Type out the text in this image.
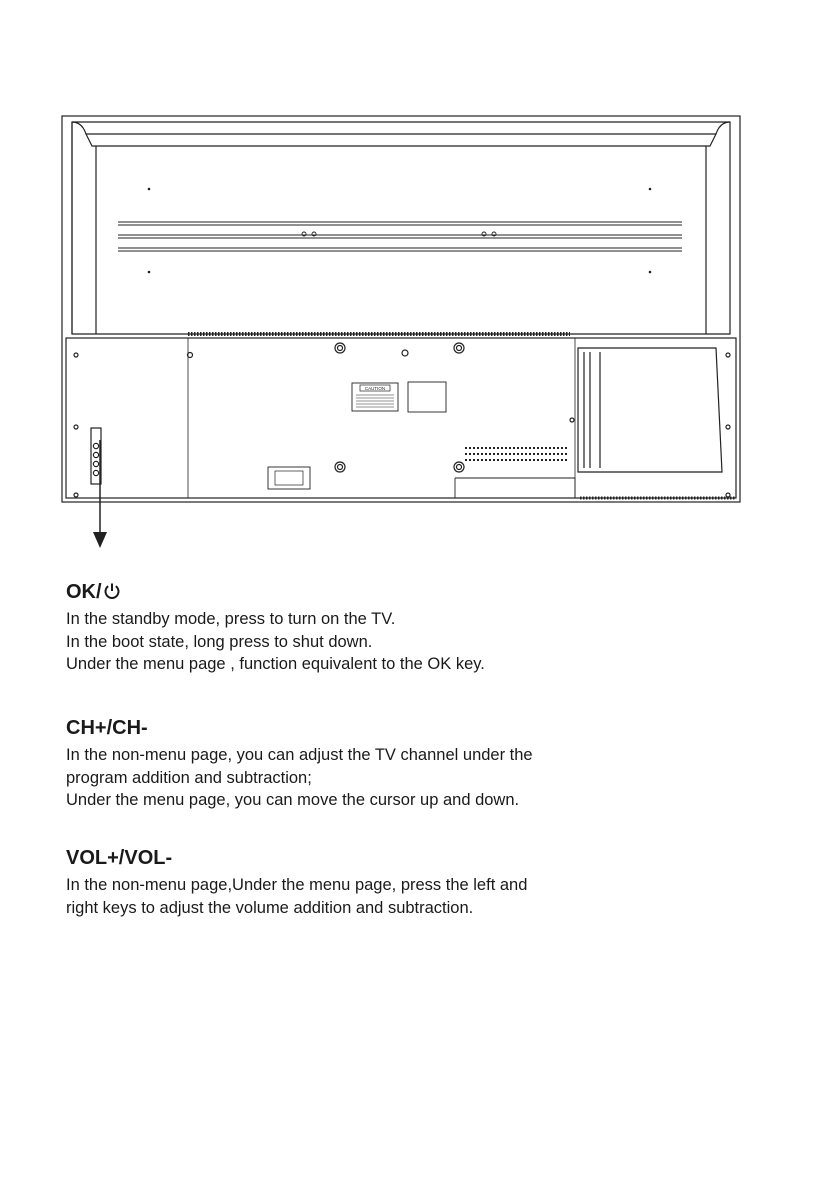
CAUTION
OK/

In the standby mode, press to turn on the TV.

In the boot state, long press to shut down.

Under the menu page , function equivalent to the OK key.

CH+/CH-

In the non-menu page, you can adjust the TV channel under the

program addition and subtraction;

Under the menu page, you can move the cursor up and down.

VOL+/VOL-

In the non-menu page,Under the menu page, press the left and

right keys to adjust the volume addition and subtraction.
